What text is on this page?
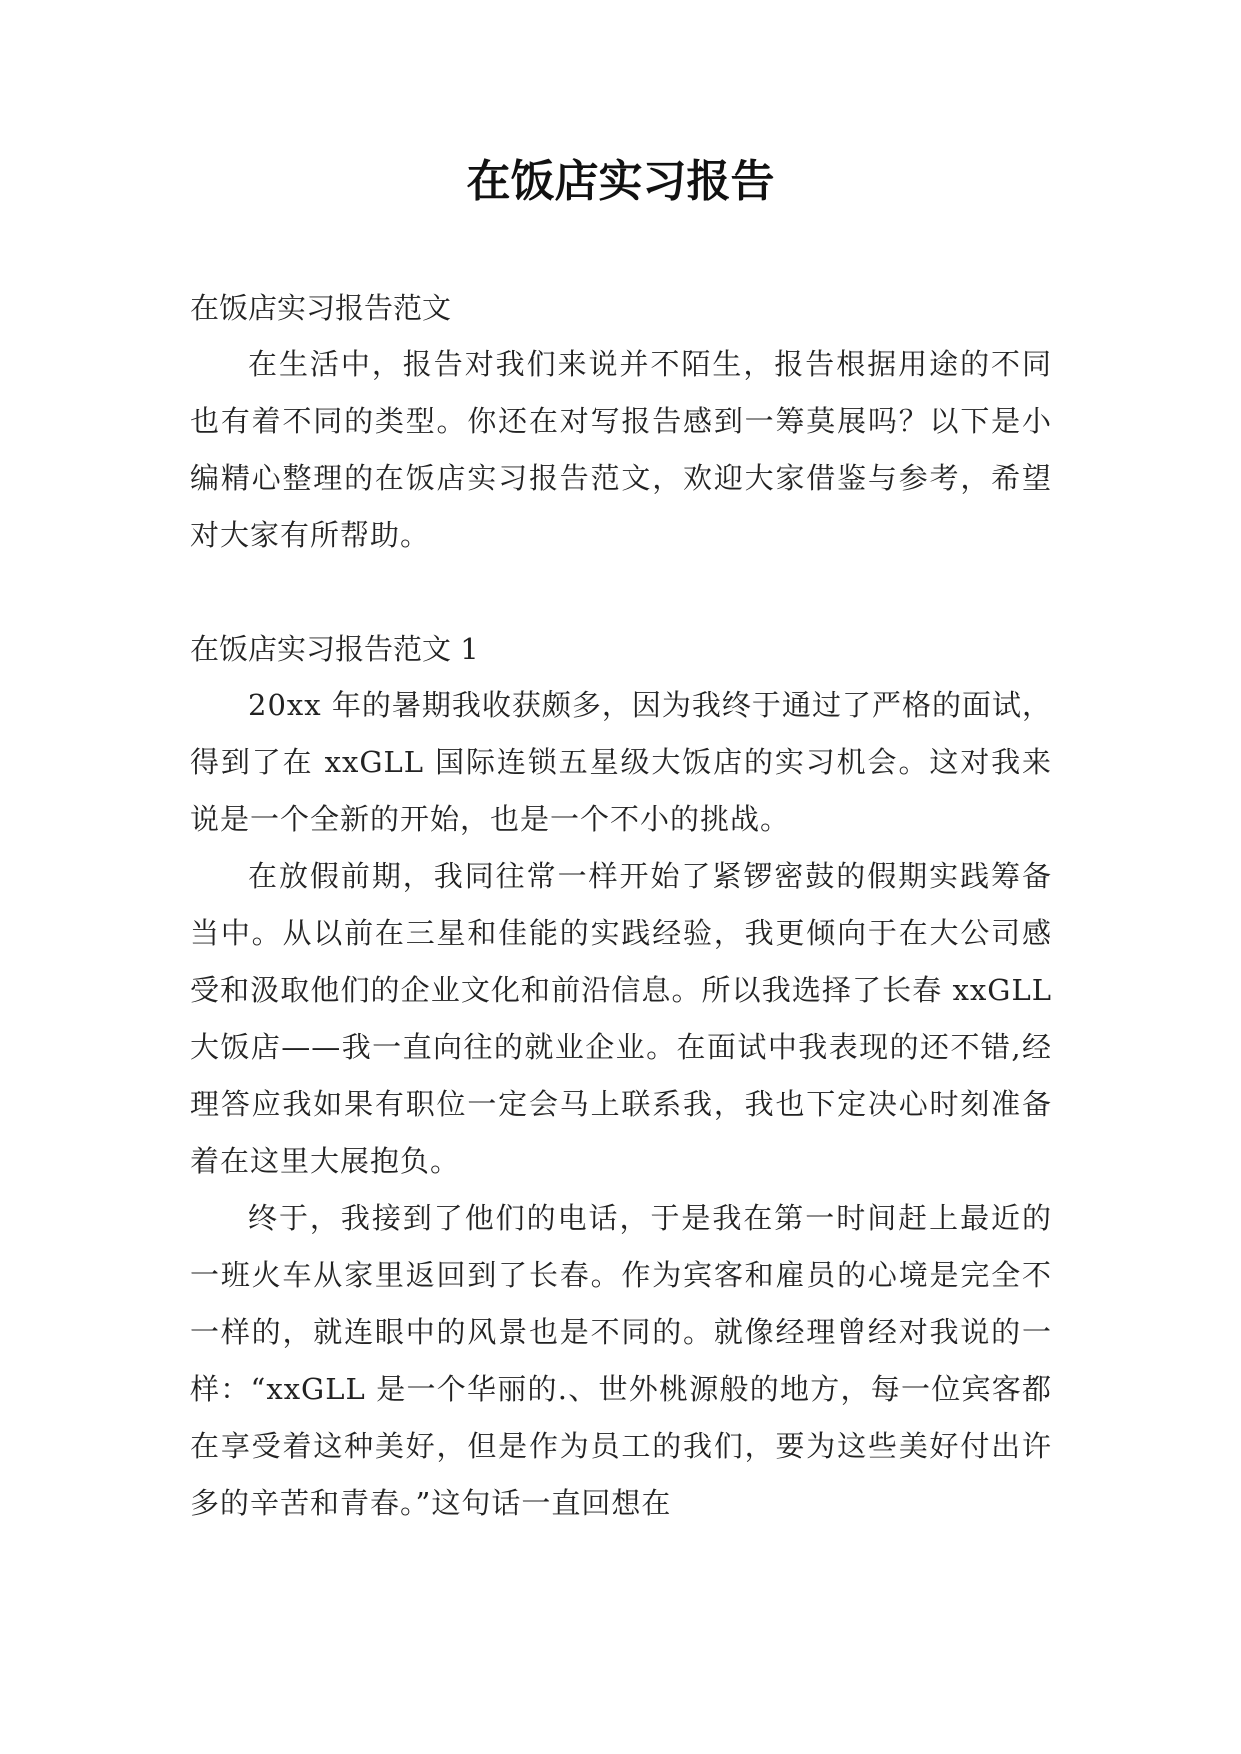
在饭店实习报告

在饭店实习报告范文

在生活中，报告对我们来说并不陌生，报告根据用途的不同也有着不同的类型。你还在对写报告感到一筹莫展吗？以下是小编精心整理的在饭店实习报告范文，欢迎大家借鉴与参考，希望对大家有所帮助。

在饭店实习报告范文 1

20xx 年的暑期我收获颇多，因为我终于通过了严格的面试，得到了在 xxGLL 国际连锁五星级大饭店的实习机会。这对我来说是一个全新的开始，也是一个不小的挑战。

在放假前期，我同往常一样开始了紧锣密鼓的假期实践筹备当中。从以前在三星和佳能的实践经验，我更倾向于在大公司感受和汲取他们的企业文化和前沿信息。所以我选择了长春 xxGLL 大饭店——我一直向往的就业企业。在面试中我表现的还不错,经理答应我如果有职位一定会马上联系我，我也下定决心时刻准备着在这里大展抱负。

终于，我接到了他们的电话，于是我在第一时间赶上最近的一班火车从家里返回到了长春。作为宾客和雇员的心境是完全不一样的，就连眼中的风景也是不同的。就像经理曾经对我说的一样：“xxGLL 是一个华丽的.、世外桃源般的地方，每一位宾客都在享受着这种美好，但是作为员工的我们，要为这些美好付出许多的辛苦和青春。”这句话一直回想在
